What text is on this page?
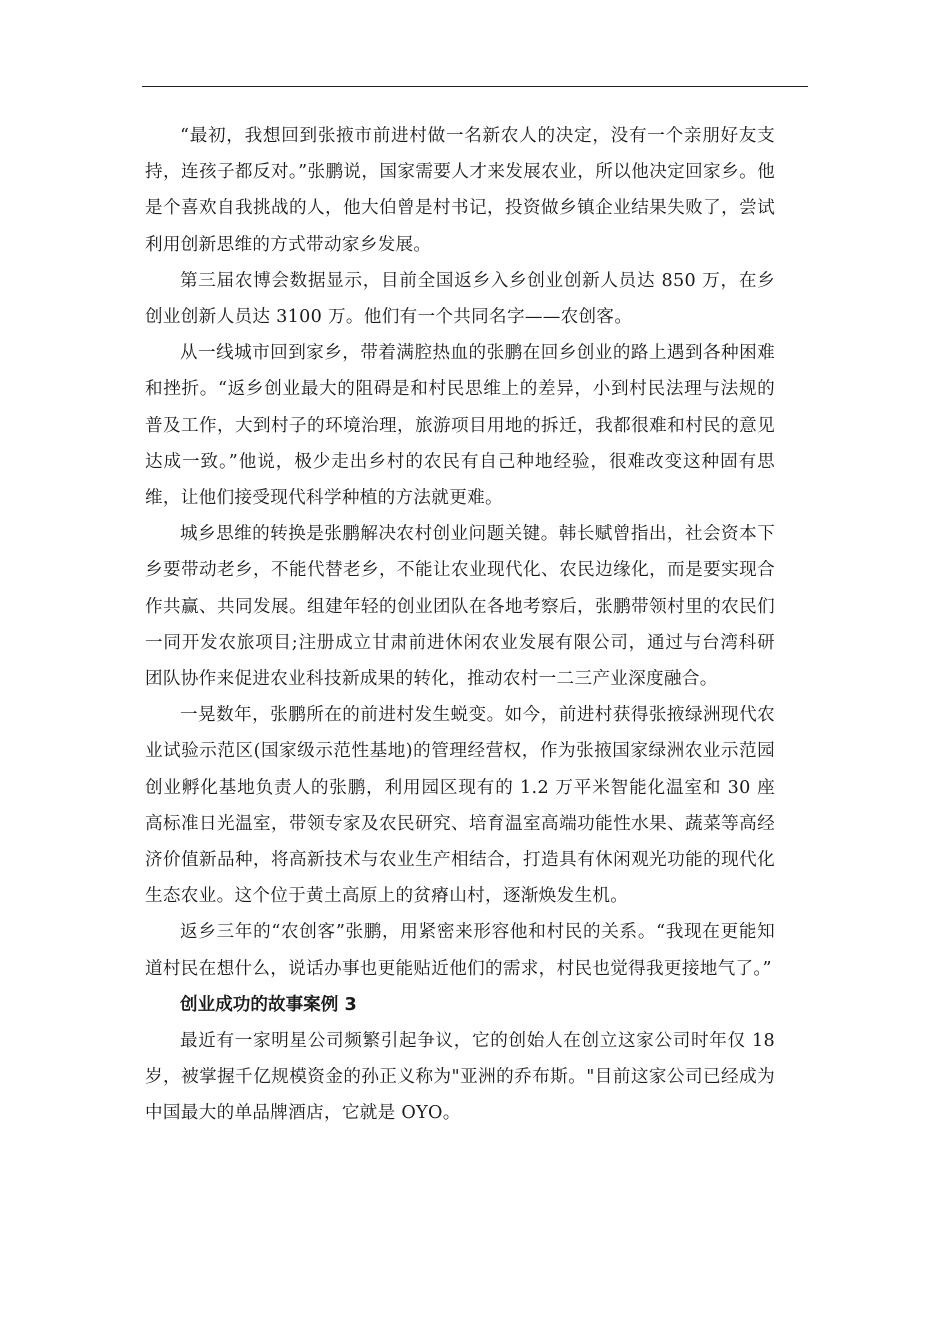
“最初，我想回到张掖市前进村做一名新农人的决定，没有一个亲朋好友支持，连孩子都反对。”张鹏说，国家需要人才来发展农业，所以他决定回家乡。他是个喜欢自我挑战的人，他大伯曾是村书记，投资做乡镇企业结果失败了，尝试利用创新思维的方式带动家乡发展。

第三届农博会数据显示，目前全国返乡入乡创业创新人员达 850 万，在乡创业创新人员达 3100 万。他们有一个共同名字——农创客。

从一线城市回到家乡，带着满腔热血的张鹏在回乡创业的路上遇到各种困难和挫折。“返乡创业最大的阻碍是和村民思维上的差异，小到村民法理与法规的普及工作，大到村子的环境治理，旅游项目用地的拆迁，我都很难和村民的意见达成一致。”他说，极少走出乡村的农民有自己种地经验，很难改变这种固有思维，让他们接受现代科学种植的方法就更难。

城乡思维的转换是张鹏解决农村创业问题关键。韩长赋曾指出，社会资本下乡要带动老乡，不能代替老乡，不能让农业现代化、农民边缘化，而是要实现合作共赢、共同发展。组建年轻的创业团队在各地考察后，张鹏带领村里的农民们一同开发农旅项目;注册成立甘肃前进休闲农业发展有限公司，通过与台湾科研团队协作来促进农业科技新成果的转化，推动农村一二三产业深度融合。

一晃数年，张鹏所在的前进村发生蜕变。如今，前进村获得张掖绿洲现代农业试验示范区(国家级示范性基地)的管理经营权，作为张掖国家绿洲农业示范园创业孵化基地负责人的张鹏，利用园区现有的 1.2 万平米智能化温室和 30 座高标准日光温室，带领专家及农民研究、培育温室高端功能性水果、蔬菜等高经济价值新品种，将高新技术与农业生产相结合，打造具有休闲观光功能的现代化生态农业。这个位于黄土高原上的贫瘠山村，逐渐焕发生机。

返乡三年的“农创客”张鹏，用紧密来形容他和村民的关系。“我现在更能知道村民在想什么，说话办事也更能贴近他们的需求，村民也觉得我更接地气了。”

创业成功的故事案例 3

最近有一家明星公司频繁引起争议，它的创始人在创立这家公司时年仅 18 岁，被掌握千亿规模资金的孙正义称为"亚洲的乔布斯。"目前这家公司已经成为中国最大的单品牌酒店，它就是 OYO。
